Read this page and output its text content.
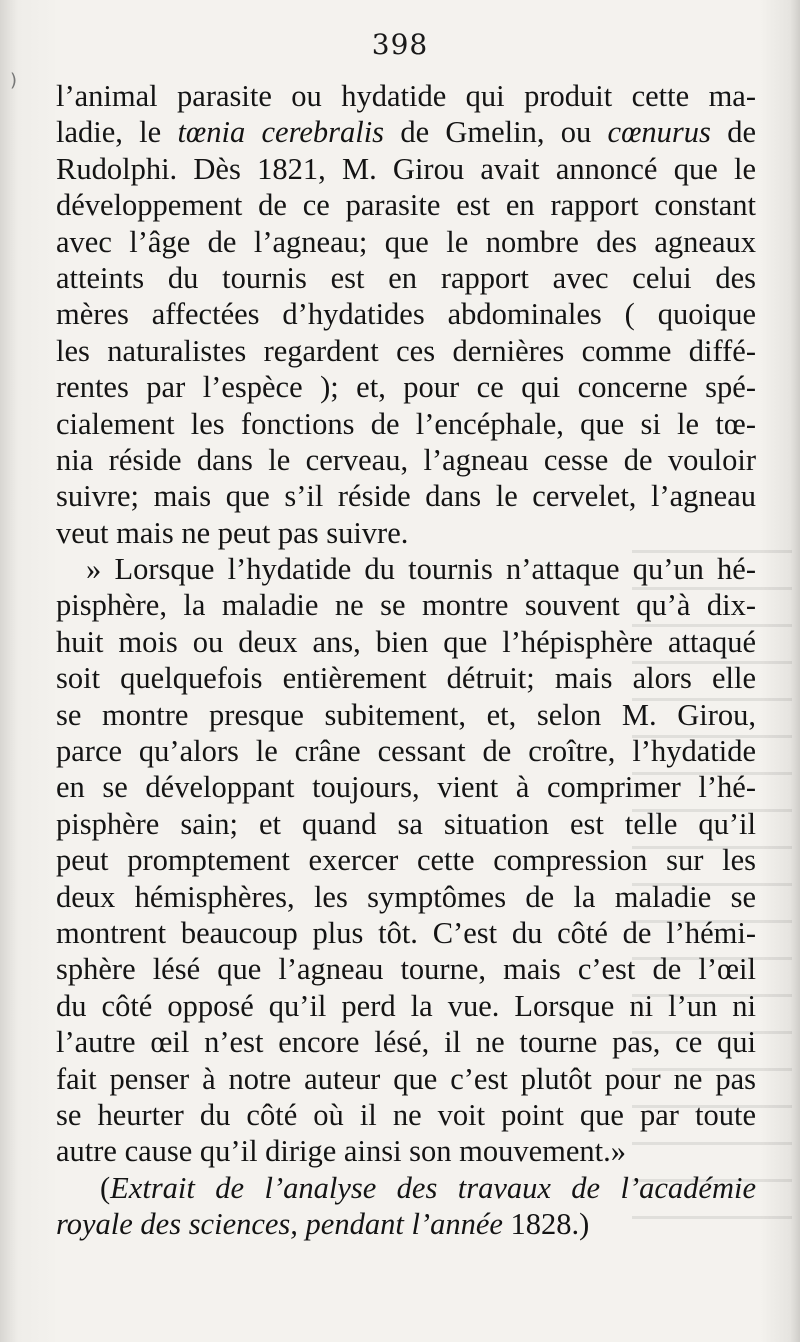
)
398
l’animal parasite ou hydatide qui produit cette ma-
ladie, le tœnia cerebralis de Gmelin, ou cœnurus de
Rudolphi. Dès 1821, M. Girou avait annoncé que le
développement de ce parasite est en rapport constant
avec l’âge de l’agneau; que le nombre des agneaux
atteints du tournis est en rapport avec celui des
mères affectées d’hydatides abdominales ( quoique
les naturalistes regardent ces dernières comme diffé-
rentes par l’espèce ); et, pour ce qui concerne spé-
cialement les fonctions de l’encéphale, que si le tœ-
nia réside dans le cerveau, l’agneau cesse de vouloir
suivre; mais que s’il réside dans le cervelet, l’agneau
veut mais ne peut pas suivre.
» Lorsque l’hydatide du tournis n’attaque qu’un hé-
pisphère, la maladie ne se montre souvent qu’à dix-
huit mois ou deux ans, bien que l’hépisphère attaqué
soit quelquefois entièrement détruit; mais alors elle
se montre presque subitement, et, selon M. Girou,
parce qu’alors le crâne cessant de croître, l’hydatide
en se développant toujours, vient à comprimer l’hé-
pisphère sain; et quand sa situation est telle qu’il
peut promptement exercer cette compression sur les
deux hémisphères, les symptômes de la maladie se
montrent beaucoup plus tôt. C’est du côté de l’hémi-
sphère lésé que l’agneau tourne, mais c’est de l’œil
du côté opposé qu’il perd la vue. Lorsque ni l’un ni
l’autre œil n’est encore lésé, il ne tourne pas, ce qui
fait penser à notre auteur que c’est plutôt pour ne pas
se heurter du côté où il ne voit point que par toute
autre cause qu’il dirige ainsi son mouvement.»
(Extrait de l’analyse des travaux de l’académie
royale des sciences, pendant l’année 1828.)
